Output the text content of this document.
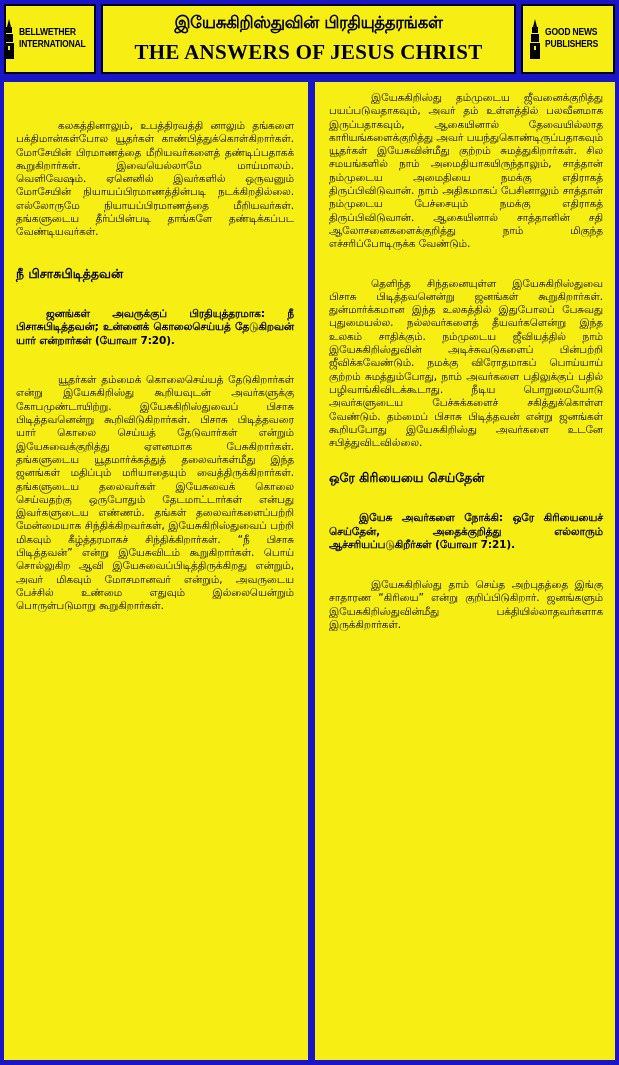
BELLWETHER
INTERNATIONAL
இயேசுகிறிஸ்துவின் பிரதியுத்தரங்கள்
THE ANSWERS OF JESUS CHRIST
GOOD NEWS
PUBLISHERS

கலகத்தினாலும், உபத்திரவத்தி னாலும் தங்களை பக்திமான்கள்போல யூதர்கள் காண்பித்துக்கொள்கிறார்கள். மோசேயின் பிரமாணத்தை மீறியவர்களைத் தண்டிப்பதாகக் கூறுகிறார்கள். இவையெல்லாமே மாய்மாலம். வெளிவேஷம். ஏனெனில் இவர்களில் ஒருவனும் மோசேயின் நியாயப்பிரமாணத்தின்படி நடக்கிறதில்லை. எல்லோருமே நியாயப்பிரமாணத்தை மீறியவர்கள். தங்களுடைய தீர்ப்பின்படி தாங்களே தண்டிக்கப்பட வேண்டியவர்கள்.

நீ பிசாசுபிடித்தவன்

ஜனங்கள் அவருக்குப் பிரதியுத்தரமாக: நீ பிசாசுபிடித்தவன்; உன்னைக் கொலைசெய்யத் தேடுகிறவன் யார் என்றார்கள் (யோவா 7:20).

யூதர்கள் தம்மைக் கொலைசெய்யத் தேடுகிறார்கள் என்று இயேசுகிறிஸ்து கூறியவுடன் அவர்களுக்கு கோபமுண்டாயிற்று. இயேசுகிறிஸ்துவைப் பிசாசு பிடித்தவனென்று கூறிவிடுகிறார்கள். பிசாசு பிடித்தவரை யார் கொலை செய்யத் தேடுவார்கள் என்றும் இயேசுவைக்குறித்து ஏளனமாக பேசுகிறார்கள். தங்களுடைய யூதமார்க்கத்துத் தலைவர்கள்மீது இந்த ஜனங்கள் மதிப்பும் மரியாதையும் வைத்திருக்கிறார்கள். தங்களுடைய தலைவர்கள் இயேசுவைக் கொலை செய்வதற்கு ஒருபோதும் தேடமாட்டார்கள் என்பது இவர்களுடைய எண்ணம். தங்கள் தலைவர்களைப்பற்றி மேன்மையாக சிந்திக்கிறவர்கள், இயேசுகிறிஸ்துவைப் பற்றி மிகவும் கீழ்த்தரமாகச் சிந்திக்கிறார்கள். “நீ பிசாசு பிடித்தவன்” என்று இயேசுவிடம் கூறுகிறார்கள். பொய் சொல்லுகிற ஆவி இயேசுவைப்பிடித்திருக்கிறது என்றும், அவர் மிகவும் மோசமானவர் என்றும், அவருடைய பேச்சில் உண்மை எதுவும் இல்லையென்றும் பொருள்படுமாறு கூறுகிறார்கள்.

இயேசுகிறிஸ்து தம்முடைய ஜீவனைக்குறித்து பயப்படுவதாகவும், அவர் தம் உள்ளத்தில் பலவீனமாக இருப்பதாகவும், ஆகையினால் தேவையில்லாத காரியங்களைக்குறித்து அவர் பயந்துகொண்டிருப்பதாகவும் யூதர்கள் இயேசுவின்மீது குற்றம் சுமத்துகிறார்கள். சில சமயங்களில் நாம் அமைதியாகயிருந்தாலும், சாத்தான் நம்முடைய அமைதியை நமக்கு எதிராகத் திருப்பிவிடுவான். நாம் அதிகமாகப் பேசினாலும் சாத்தான் நம்முடைய பேச்சையும் நமக்கு எதிராகத் திருப்பிவிடுவான். ஆகையினால் சாத்தானின் சதி ஆலோசனைகளைக்குறித்து நாம் மிகுந்த எச்சரிப்போடிருக்க வேண்டும்.

தெளிந்த சிந்தனையுள்ள இயேசுகிறிஸ்துவை பிசாசு பிடித்தவனென்று ஜனங்கள் கூறுகிறார்கள். துன்மார்க்கமான இந்த உலகத்தில் இதுபோலப் பேசுவது புதுமையல்ல. நல்லவர்களைத் தீயவர்களென்று இந்த உலகம் சாதிக்கும். நம்முடைய ஜீவியத்தில் நாம் இயேசுகிறிஸ்துவின் அடிச்சுவடுகளைப் பின்பற்றி ஜீவிக்கவேண்டும். நமக்கு விரோதமாகப் பொய்யாய் குற்றம் சுமத்தும்போது, நாம் அவர்களை பதிலுக்குப் பதில் பழிவாங்கிவிடக்கூடாது. நீடிய பொறுமையோடு அவர்களுடைய பேச்சுக்களைச் சகித்துக்கொள்ள வேண்டும். தம்மைப் பிசாசு பிடித்தவன் என்று ஜனங்கள் கூறியபோது இயேசுகிறிஸ்து அவர்களை உடனே சபித்துவிடவில்லை.

ஒரே கிரியையை செய்தேன்

இயேசு அவர்களை நோக்கி: ஒரே கிரியையைச் செய்தேன், அதைக்குறித்து எல்லாரும் ஆச்சரியப்படுகிறீர்கள் (யோவா 7:21).

இயேசுகிறிஸ்து தாம் செய்த அற்புதத்தை இங்கு சாதாரண “கிரியை” என்று குறிப்பிடுகிறார். ஜனங்களும் இயேசுகிறிஸ்துவின்மீது பக்தியில்லாதவர்களாக இருக்கிறார்கள்.
